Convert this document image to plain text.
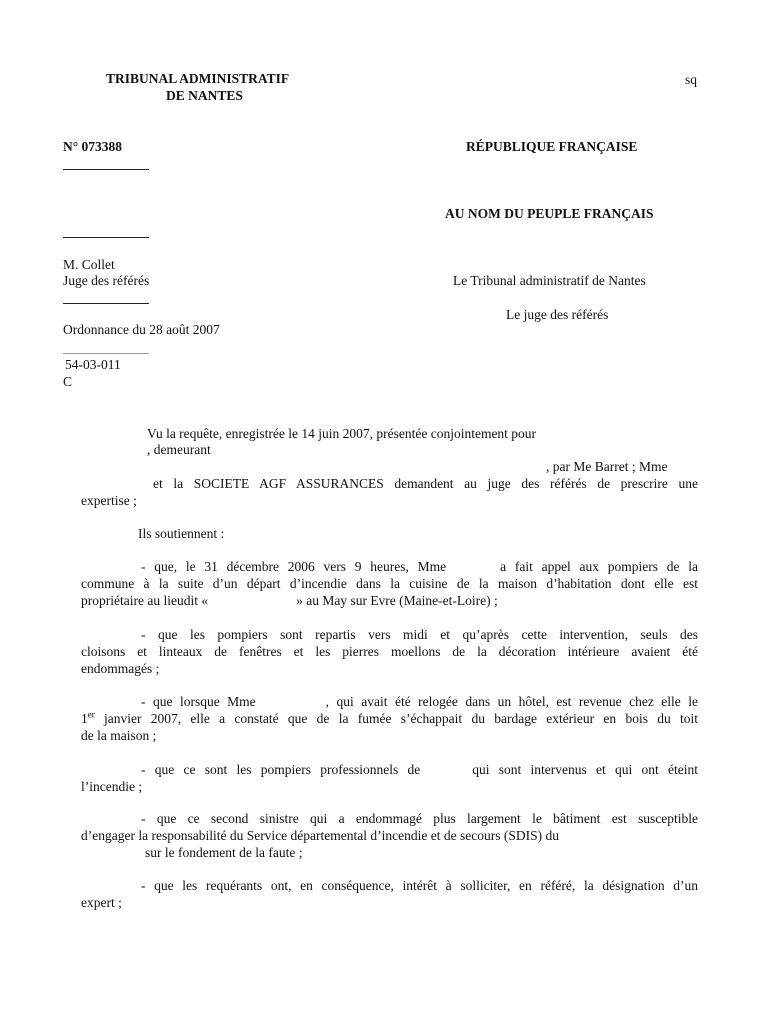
TRIBUNAL ADMINISTRATIF
DE NANTES
sq
N° 073388	RÉPUBLIQUE FRANÇAISE
AU NOM DU PEUPLE FRANÇAIS
M. Collet
Juge des référés	Le Tribunal administratif de Nantes
Le juge des référés
Ordonnance du 28 août 2007
54-03-011
C
Vu la requête, enregistrée le 14 juin 2007, présentée conjointement pour
, demeurant
, par Me Barret ; Mme
et la SOCIETE AGF ASSURANCES demandent au juge des référés de prescrire une
expertise ;
Ils soutiennent :
- que, le 31 décembre 2006 vers 9 heures, Mme	a fait appel aux pompiers de la
commune à la suite d’un départ d’incendie dans la cuisine de la maison d’habitation dont elle est
propriétaire au lieudit «	» au May sur Evre (Maine-et-Loire) ;
- que les pompiers sont repartis vers midi et qu’après cette intervention, seuls des
cloisons et linteaux de fenêtres et les pierres moellons de la décoration intérieure avaient été
endommagés ;
- que lorsque Mme	, qui avait été relogée dans un hôtel, est revenue chez elle le
1er janvier 2007, elle a constaté que de la fumée s’échappait du bardage extérieur en bois du toit
de la maison ;
- que ce sont les pompiers professionnels de	qui sont intervenus et qui ont éteint
l’incendie ;
- que ce second sinistre qui a endommagé plus largement le bâtiment est susceptible
d’engager la responsabilité du Service départemental d’incendie et de secours (SDIS) du
sur le fondement de la faute ;
- que les requérants ont, en conséquence, intérêt à solliciter, en référé, la désignation d’un
expert ;
